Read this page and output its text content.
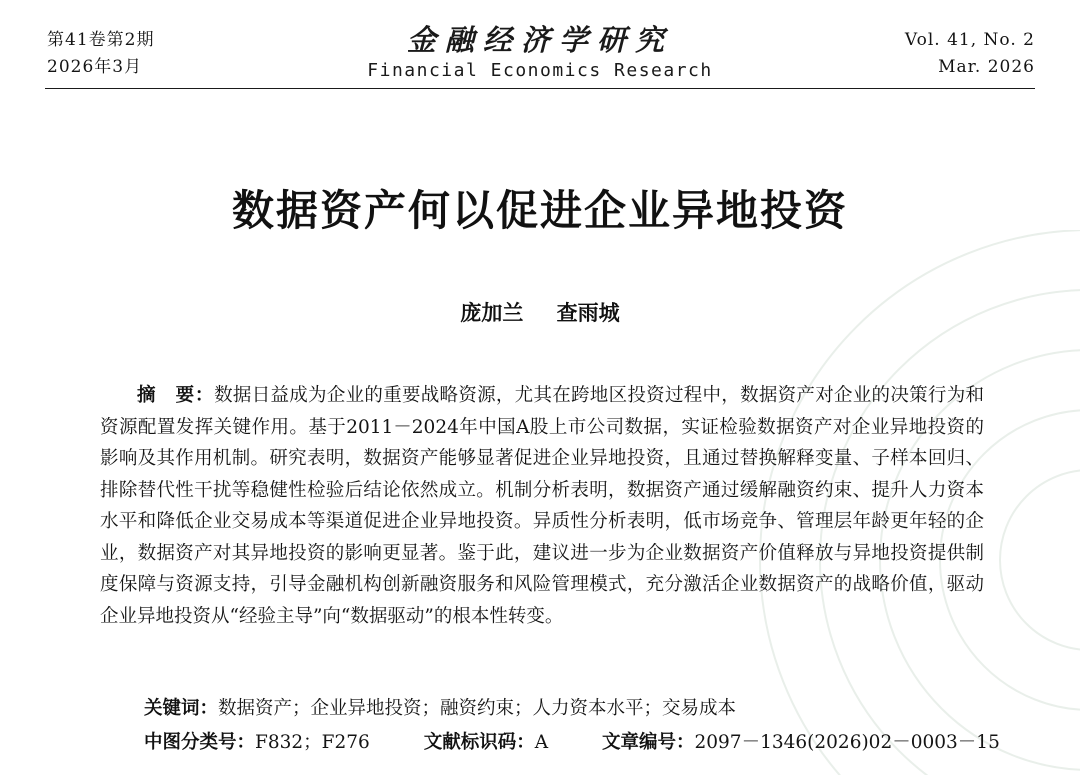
第41卷第2期
2026年3月
金融经济学研究
Financial Economics Research
Vol. 41, No. 2
Mar. 2026
数据资产何以促进企业异地投资
庞加兰 查雨城

摘　要：数据日益成为企业的重要战略资源，尤其在跨地区投资过程中，数据资产对企业的决策行为和资源配置发挥关键作用。基于2011－2024年中国A股上市公司数据，实证检验数据资产对企业异地投资的影响及其作用机制。研究表明，数据资产能够显著促进企业异地投资，且通过替换解释变量、子样本回归、排除替代性干扰等稳健性检验后结论依然成立。机制分析表明，数据资产通过缓解融资约束、提升人力资本水平和降低企业交易成本等渠道促进企业异地投资。异质性分析表明，低市场竞争、管理层年龄更年轻的企业，数据资产对其异地投资的影响更显著。鉴于此，建议进一步为企业数据资产价值释放与异地投资提供制度保障与资源支持，引导金融机构创新融资服务和风险管理模式，充分激活企业数据资产的战略价值，驱动企业异地投资从“经验主导”向“数据驱动”的根本性转变。

关键词：数据资产；企业异地投资；融资约束；人力资本水平；交易成本
中图分类号：F832；F276	文献标识码：A	文章编号：2097－1346(2026)02－0003－15
